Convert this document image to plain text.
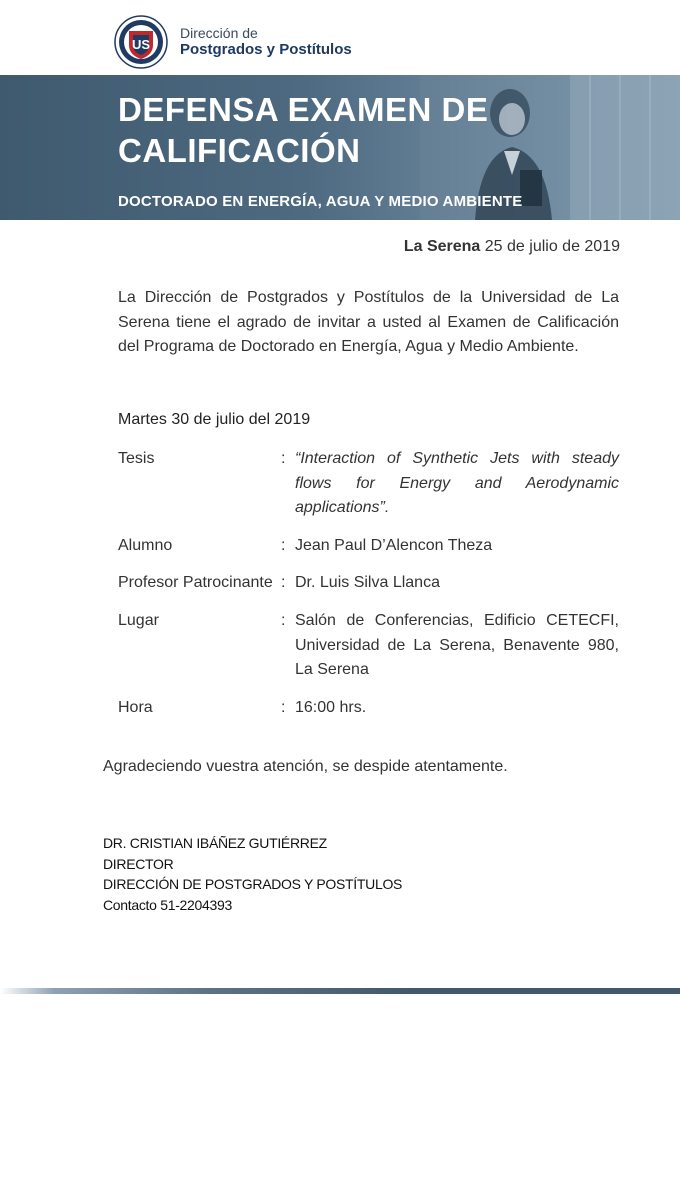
US
Dirección de
Postgrados y Postítulos
DEFENSA EXAMEN DE CALIFICACIÓN
DOCTORADO EN ENERGÍA, AGUA Y MEDIO AMBIENTE
La Serena 25 de julio de 2019

La Dirección de Postgrados y Postítulos de la Universidad de La Serena tiene el agrado de invitar a usted al Examen de Calificación del Programa de Doctorado en Energía, Agua y Medio Ambiente.

Martes 30 de julio del 2019
Tesis	: “Interaction of Synthetic Jets with steady flows for Energy and Aerodynamic applications”.
Alumno	: Jean Paul D’Alencon Theza
Profesor Patrocinante : Dr. Luis Silva Llanca
Lugar	: Salón de Conferencias, Edificio CETECFI, Universidad de La Serena, Benavente 980, La Serena
Hora	: 16:00 hrs.
Agradeciendo vuestra atención, se despide atentamente.
DR. CRISTIAN IBÁÑEZ GUTIÉRREZ
DIRECTOR
DIRECCIÓN DE POSTGRADOS Y POSTÍTULOS
Contacto 51-2204393
